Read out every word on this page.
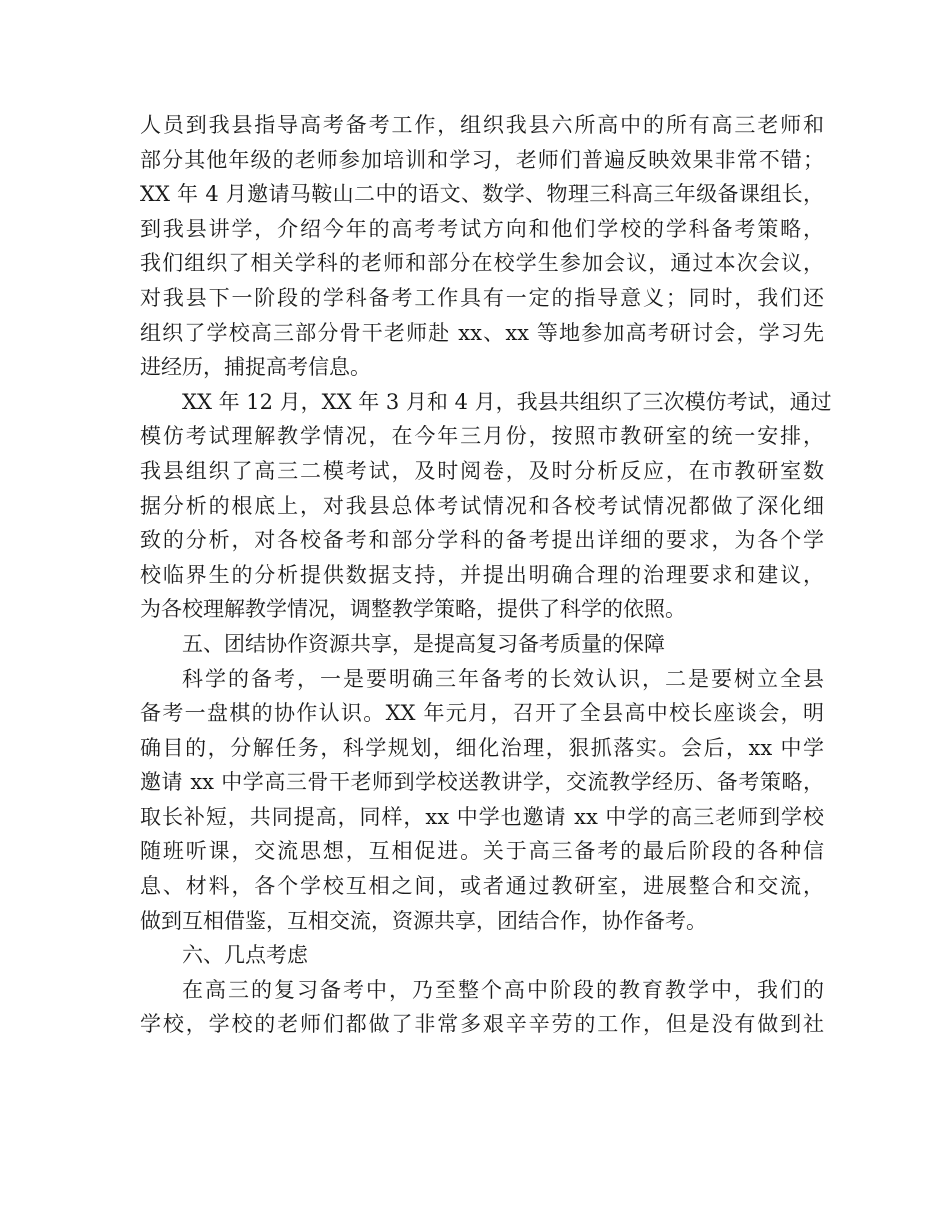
人员到我县指导高考备考工作，组织我县六所高中的所有高三老师和
部分其他年级的老师参加培训和学习，老师们普遍反映效果非常不错；
XX 年 4 月邀请马鞍山二中的语文、数学、物理三科高三年级备课组长，
到我县讲学，介绍今年的高考考试方向和他们学校的学科备考策略，
我们组织了相关学科的老师和部分在校学生参加会议，通过本次会议，
对我县下一阶段的学科备考工作具有一定的指导意义；同时，我们还
组织了学校高三部分骨干老师赴 xx、xx 等地参加高考研讨会，学习先
进经历，捕捉高考信息。
XX 年 12 月，XX 年 3 月和 4 月，我县共组织了三次模仿考试，通过
模仿考试理解教学情况，在今年三月份，按照市教研室的统一安排，
我县组织了高三二模考试，及时阅卷，及时分析反应，在市教研室数
据分析的根底上，对我县总体考试情况和各校考试情况都做了深化细
致的分析，对各校备考和部分学科的备考提出详细的要求，为各个学
校临界生的分析提供数据支持，并提出明确合理的治理要求和建议，
为各校理解教学情况，调整教学策略，提供了科学的依照。
五、团结协作资源共享，是提高复习备考质量的保障
科学的备考，一是要明确三年备考的长效认识，二是要树立全县
备考一盘棋的协作认识。XX 年元月，召开了全县高中校长座谈会，明
确目的，分解任务，科学规划，细化治理，狠抓落实。会后，xx 中学
邀请 xx 中学高三骨干老师到学校送教讲学，交流教学经历、备考策略，
取长补短，共同提高，同样，xx 中学也邀请 xx 中学的高三老师到学校
随班听课，交流思想，互相促进。关于高三备考的最后阶段的各种信
息、材料，各个学校互相之间，或者通过教研室，进展整合和交流，
做到互相借鉴，互相交流，资源共享，团结合作，协作备考。
六、几点考虑
在高三的复习备考中，乃至整个高中阶段的教育教学中，我们的
学校，学校的老师们都做了非常多艰辛辛劳的工作，但是没有做到社
